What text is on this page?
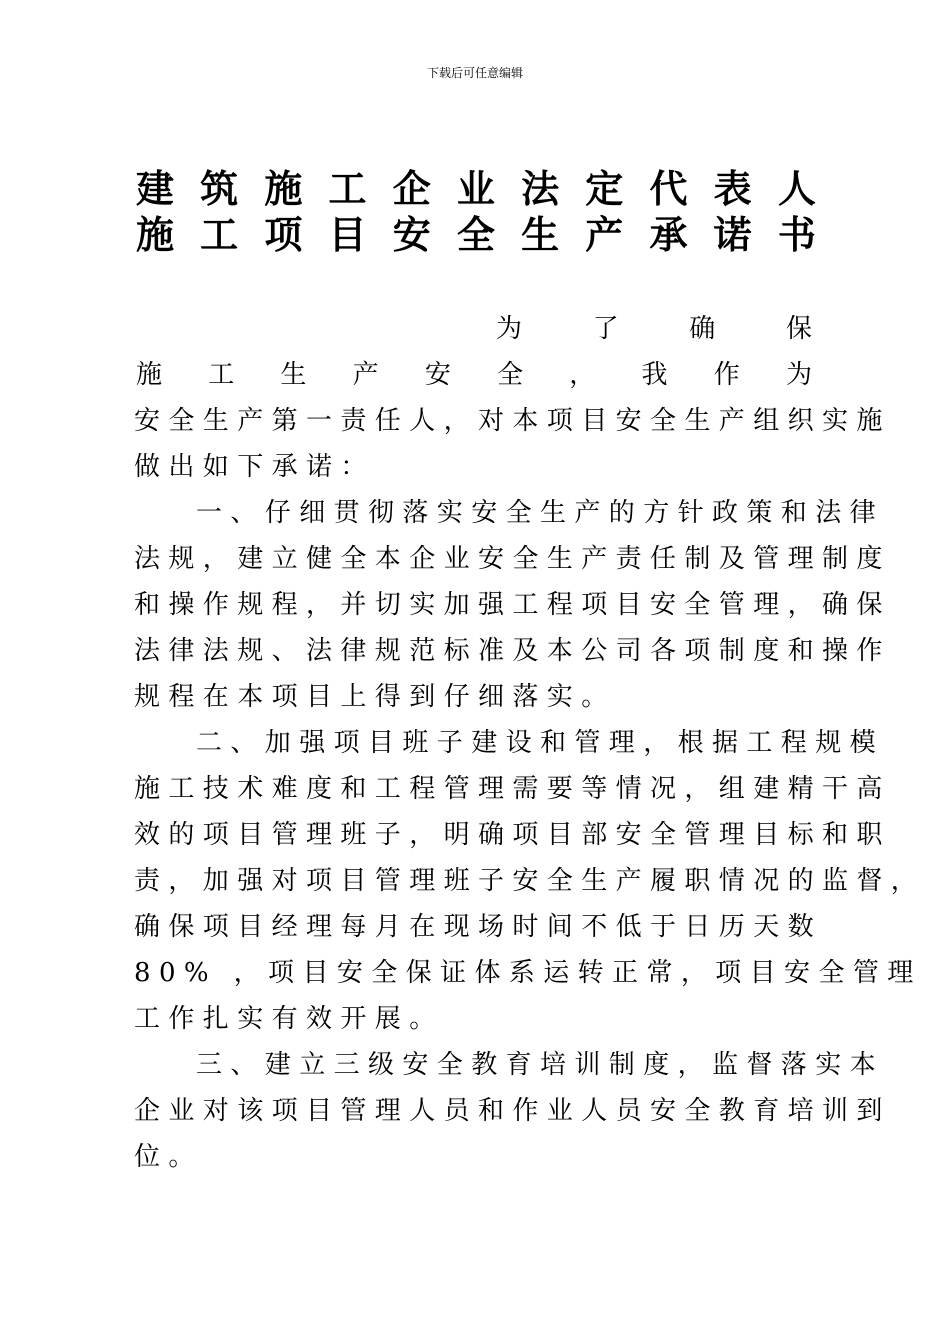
下载后可任意编辑
建 筑 施 工 企 业 法 定 代 表 人
施 工 项 目 安 全 生 产 承 诺 书
为	了	确	保
施 工 生 产 安 全 ， 我 作 为
安全生产第一责任人，对本项目安全生产组织实施
做出如下承诺：
一、仔细贯彻落实安全生产的方针政策和法律
法规，建立健全本企业安全生产责任制及管理制度
和操作规程，并切实加强工程项目安全管理，确保
法律法规、法律规范标准及本公司各项制度和操作
规程在本项目上得到仔细落实。
二、加强项目班子建设和管理，根据工程规模
施工技术难度和工程管理需要等情况，组建精干高
效的项目管理班子，明确项目部安全管理目标和职
责，加强对项目管理班子安全生产履职情况的监督，
确保项目经理每月在现场时间不低于日历天数
80% ，项目安全保证体系运转正常，项目安全管理
工作扎实有效开展。
三、建立三级安全教育培训制度，监督落实本
企业对该项目管理人员和作业人员安全教育培训到
位。
